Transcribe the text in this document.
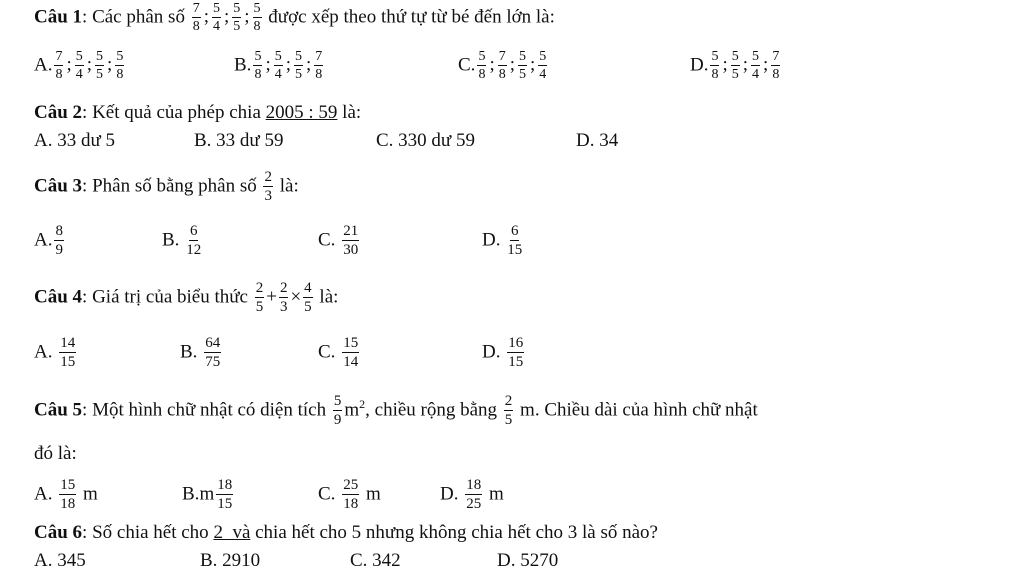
Câu 1: Các phân số $\frac{7}{8}$ ; $\frac{5}{4}$ ; $\frac{5}{5}$ ; $\frac{5}{8}$ được xếp theo thứ tự từ bé đến lớn là:
A. $\frac{7}{8}$ ; $\frac{5}{4}$ ; $\frac{5}{5}$ ; $\frac{5}{8}$	B. $\frac{5}{8}$ ; $\frac{5}{4}$ ; $\frac{5}{5}$ ; $\frac{7}{8}$	C. $\frac{5}{8}$ ; $\frac{7}{8}$ ; $\frac{5}{5}$ ; $\frac{5}{4}$	D. $\frac{5}{8}$ ; $\frac{5}{5}$ ; $\frac{5}{4}$ ; $\frac{7}{8}$
Câu 2: Kết quả của phép chia 2005 : 59 là:
A. 33 dư 5	B. 33 dư 59	C. 330 dư 59	D. 34
Câu 3: Phân số bằng phân số $\frac{2}{3}$ là:
A. $\frac{8}{9}$	B. $\frac{6}{12}$	C. $\frac{21}{30}$	D. $\frac{6}{15}$
Câu 4: Giá trị của biểu thức $\frac{2}{5} + \frac{2}{3} \times \frac{4}{5}$ là:
A. $\frac{14}{15}$	B. $\frac{64}{75}$	C. $\frac{15}{14}$	D. $\frac{16}{15}$
Câu 5: Một hình chữ nhật có diện tích $\frac{5}{9} m^2$, chiều rộng bằng $\frac{2}{5} m$. Chiều dài của hình chữ nhật
đó là:
A. $\frac{15}{18}$ m	$B.m \frac{18}{15}$	C. $\frac{25}{18}$ m	D. $\frac{18}{25}$ m
Câu 6: Số chia hết cho 2  và chia hết cho 5 nhưng không chia hết cho 3 là số nào?
A. 345	B. 2910	C. 342	D. 5270
